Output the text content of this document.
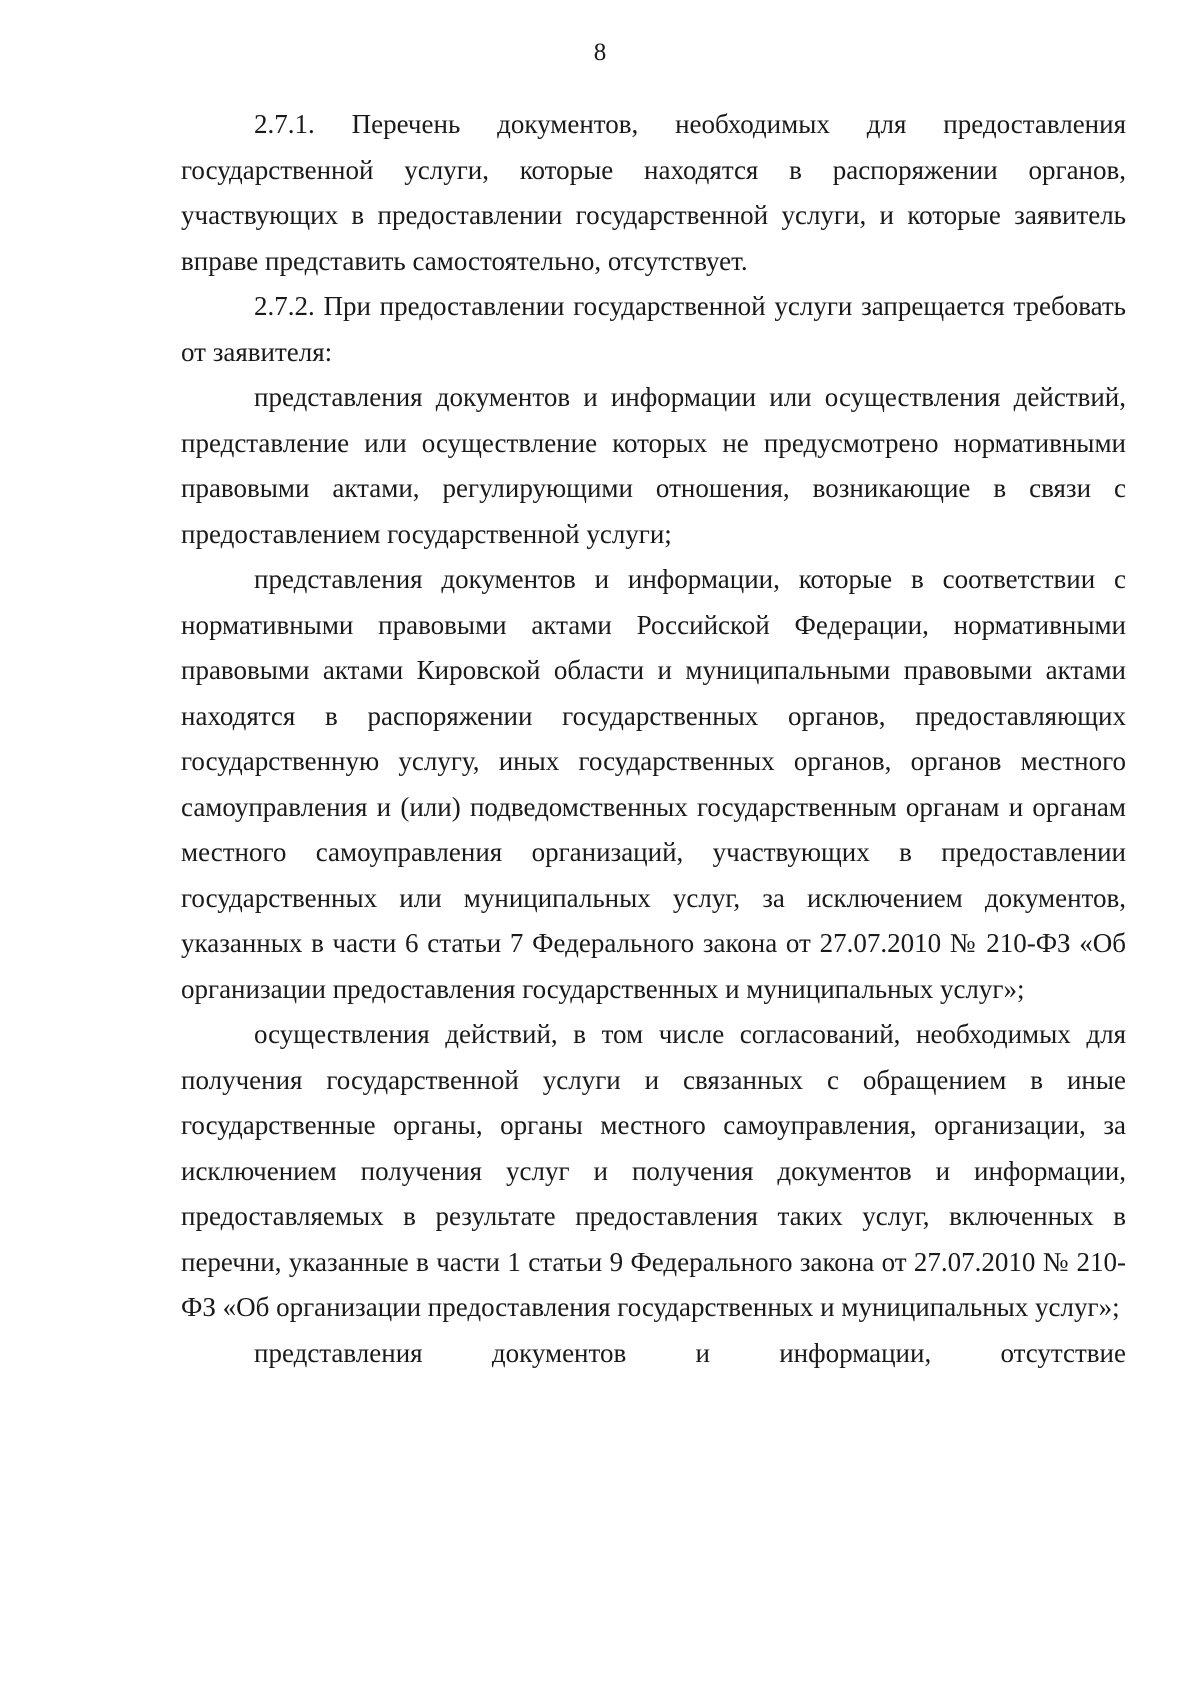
8

2.7.1. Перечень документов, необходимых для предоставления государственной услуги, которые находятся в распоряжении органов, участвующих в предоставлении государственной услуги, и которые заявитель вправе представить самостоятельно, отсутствует.

2.7.2. При предоставлении государственной услуги запрещается требовать от заявителя:

представления документов и информации или осуществления действий, представление или осуществление которых не предусмотрено нормативными правовыми актами, регулирующими отношения, возникающие в связи с предоставлением государственной услуги;

представления документов и информации, которые в соответствии с нормативными правовыми актами Российской Федерации, нормативными правовыми актами Кировской области и муниципальными правовыми актами находятся в распоряжении государственных органов, предоставляющих государственную услугу, иных государственных органов, органов местного самоуправления и (или) подведомственных государственным органам и органам местного самоуправления организаций, участвующих в предоставлении государственных или муниципальных услуг, за исключением документов, указанных в части 6 статьи 7 Федерального закона от 27.07.2010 № 210-ФЗ «Об организации предоставления государственных и муниципальных услуг»;

осуществления действий, в том числе согласований, необходимых для получения государственной услуги и связанных с обращением в иные государственные органы, органы местного самоуправления, организации, за исключением получения услуг и получения документов и информации, предоставляемых в результате предоставления таких услуг, включенных в перечни, указанные в части 1 статьи 9 Федерального закона от 27.07.2010 № 210-ФЗ «Об организации предоставления государственных и муниципальных услуг»;

представления документов и информации, отсутствие
